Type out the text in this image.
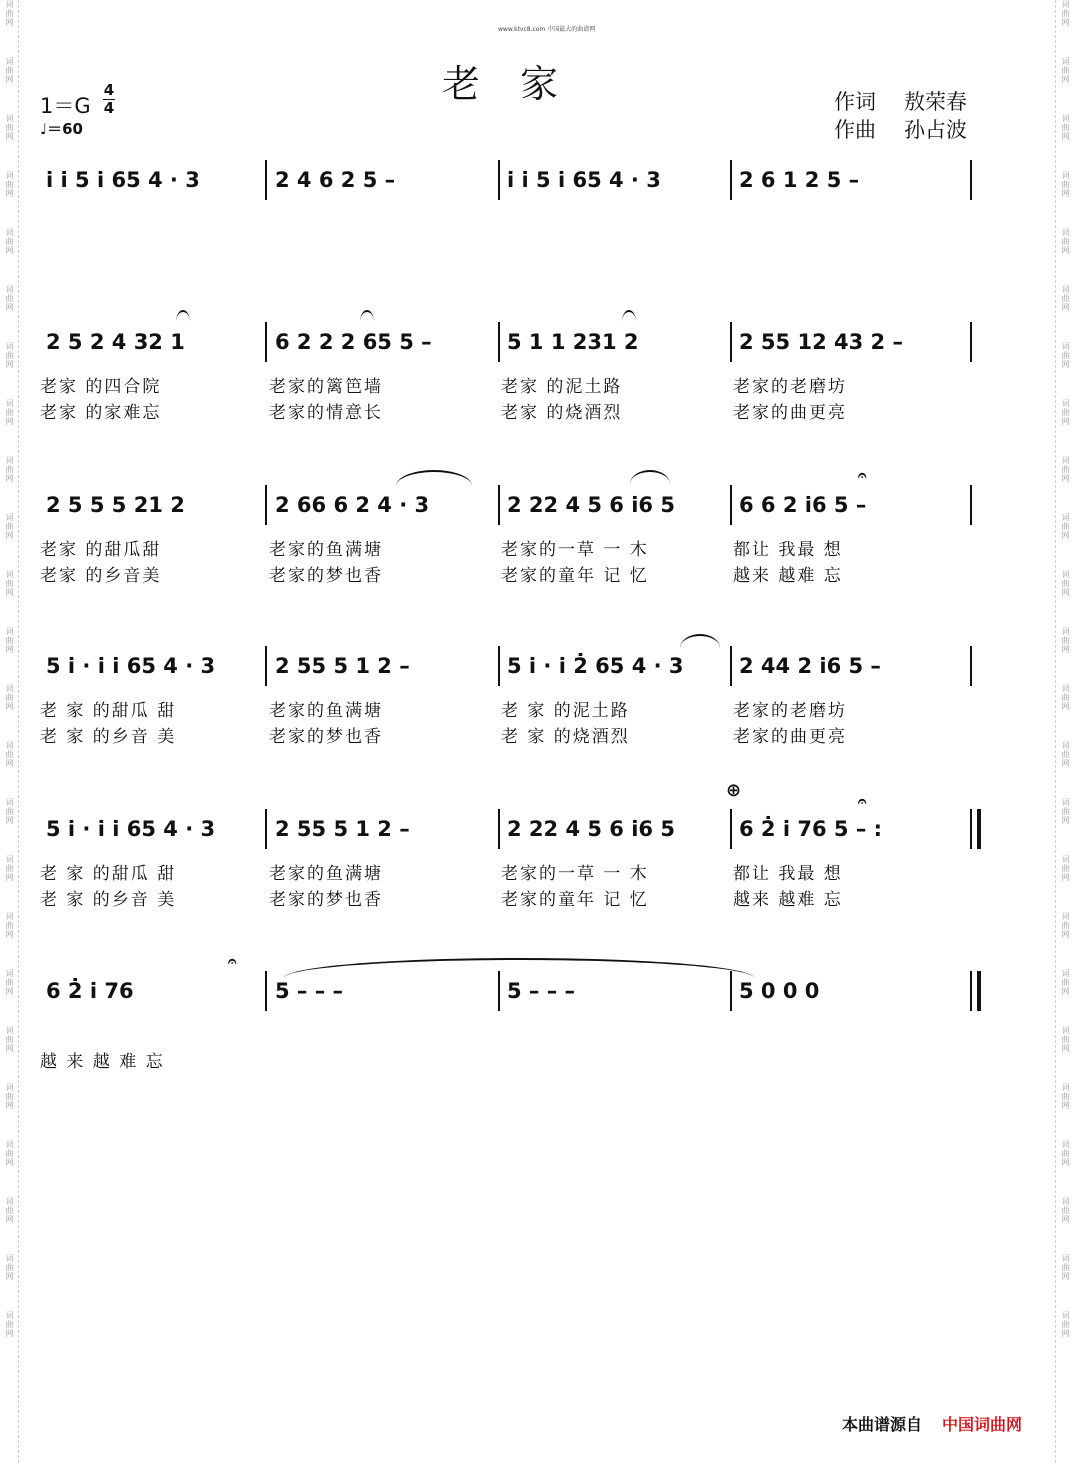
词曲网
词曲网
词曲网
词曲网
词曲网
词曲网
词曲网
词曲网
词曲网
词曲网
词曲网
词曲网
词曲网
词曲网
词曲网
词曲网
词曲网
词曲网
词曲网
词曲网
词曲网
词曲网
词曲网
词曲网
词曲网
词曲网
词曲网
词曲网
词曲网
词曲网
词曲网
词曲网
词曲网
词曲网
词曲网
词曲网
词曲网
词曲网
词曲网
词曲网
词曲网
词曲网
词曲网
词曲网
词曲网
词曲网
词曲网
词曲网
www.ktvc8.com 中国最大的曲谱网
老 家
1＝G
4
4
♩＝60
作词 敖荣春
作曲 孙占波
i̇ i̇ 5 i̇ 65 4 · 3	2 4 6 2 5 –	i̇ i̇ 5 i̇ 65 4 · 3	2 6 1 2 5 –
2 5 2 4 32 1	6 2 2 2 65 5 –	5 1 1 231 2	2 55 12 43 2 –
老家 的四合院	老家的篱笆墙	老家 的泥土路	老家的老磨坊
老家 的家难忘	老家的情意长	老家 的烧酒烈	老家的曲更亮
2 5 5 5 21 2	2 66 6 2 4 · 3	2 22 4 5 6 i̇6 5	6 6 2 i̇6 5 –
老家 的甜瓜甜	老家的鱼满塘	老家的一草 一 木	都让 我最 想
老家 的乡音美	老家的梦也香	老家的童年 记 忆	越来 越难 忘
5 i̇ · i̇ i̇ 65 4 · 3	2 55 5 1 2 –	5 i̇ · i̇ 2̇ 65 4 · 3	2 44 2 i̇6 5 –
老 家 的甜瓜 甜	老家的鱼满塘	老 家 的泥土路	老家的老磨坊
老 家 的乡音 美	老家的梦也香	老 家 的烧酒烈	老家的曲更亮
5 i̇ · i̇ i̇ 65 4 · 3	2 55 5 1 2 –	2 22 4 5 6 i̇6 5	6 2̇ i̇ 76 5 – :
老 家 的甜瓜 甜	老家的鱼满塘	老家的一草 一 木	都让 我最 想
老 家 的乡音 美	老家的梦也香	老家的童年 记 忆	越来 越难 忘
6 2̇ i̇ 76	5 – – –	5 – – –	5 0 0 0
越 来 越 难 忘
𝄐
𝄐
𝄐
⊕
本曲谱源自 中国词曲网
